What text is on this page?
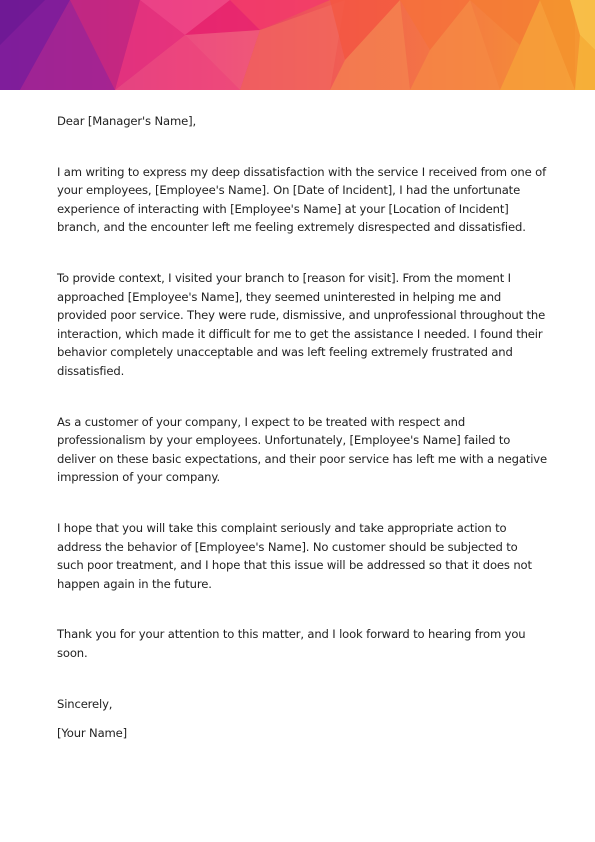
Dear [Manager's Name],

I am writing to express my deep dissatisfaction with the service I received from one of your employees, [Employee's Name]. On [Date of Incident], I had the unfortunate experience of interacting with [Employee's Name] at your [Location of Incident] branch, and the encounter left me feeling extremely disrespected and dissatisfied.

To provide context, I visited your branch to [reason for visit]. From the moment I approached [Employee's Name], they seemed uninterested in helping me and provided poor service. They were rude, dismissive, and unprofessional throughout the interaction, which made it difficult for me to get the assistance I needed. I found their behavior completely unacceptable and was left feeling extremely frustrated and dissatisfied.

As a customer of your company, I expect to be treated with respect and professionalism by your employees. Unfortunately, [Employee's Name] failed to deliver on these basic expectations, and their poor service has left me with a negative impression of your company.

I hope that you will take this complaint seriously and take appropriate action to address the behavior of [Employee's Name]. No customer should be subjected to such poor treatment, and I hope that this issue will be addressed so that it does not happen again in the future.

Thank you for your attention to this matter, and I look forward to hearing from you soon.

Sincerely,

[Your Name]
